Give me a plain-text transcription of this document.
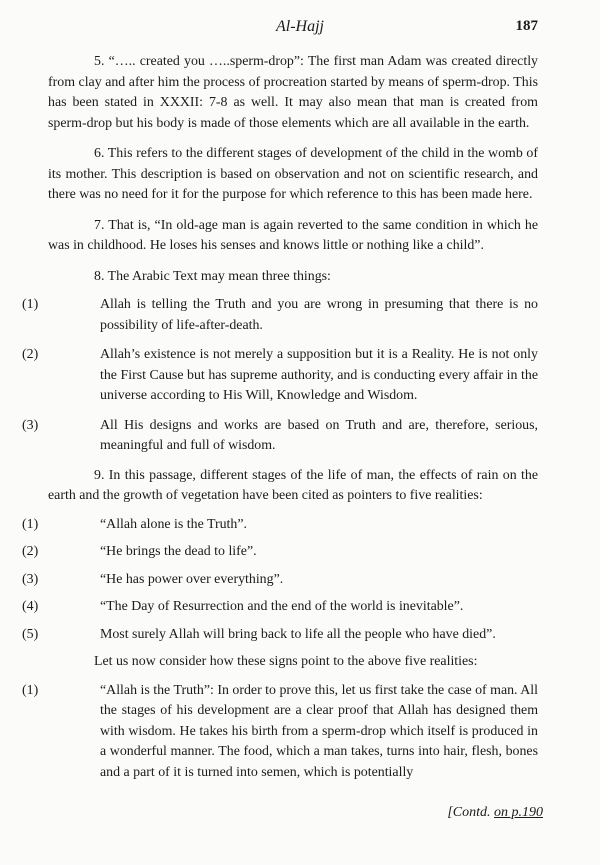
Al-Hajj	187

5. “….. created you …..sperm-drop”: The first man Adam was created directly from clay and after him the process of procreation started by means of sperm-drop. This has been stated in XXXII: 7-8 as well. It may also mean that man is created from sperm-drop but his body is made of those elements which are all available in the earth.

6. This refers to the different stages of development of the child in the womb of its mother. This description is based on observation and not on scientific research, and there was no need for it for the purpose for which reference to this has been made here.

7. That is, “In old-age man is again reverted to the same condition in which he was in childhood. He loses his senses and knows little or nothing like a child”.

8. The Arabic Text may mean three things:

(1)	Allah is telling the Truth and you are wrong in presuming that there is no possibility of life-after-death.
(2)	Allah’s existence is not merely a supposition but it is a Reality. He is not only the First Cause but has supreme authority, and is conducting every affair in the universe according to His Will, Knowledge and Wisdom.
(3)	All His designs and works are based on Truth and are, therefore, serious, meaningful and full of wisdom.

9. In this passage, different stages of the life of man, the effects of rain on the earth and the growth of vegetation have been cited as pointers to five realities:

(1)	“Allah alone is the Truth”.
(2)	“He brings the dead to life”.
(3)	“He has power over everything”.
(4)	“The Day of Resurrection and the end of the world is inevitable”.
(5)	Most surely Allah will bring back to life all the people who have died”.

Let us now consider how these signs point to the above five realities:

(1)	“Allah is the Truth”: In order to prove this, let us first take the case of man. All the stages of his development are a clear proof that Allah has designed them with wisdom. He takes his birth from a sperm-drop which itself is produced in a wonderful manner. The food, which a man takes, turns into hair, flesh, bones and a part of it is turned into semen, which is potentially
[Contd. on p.190
